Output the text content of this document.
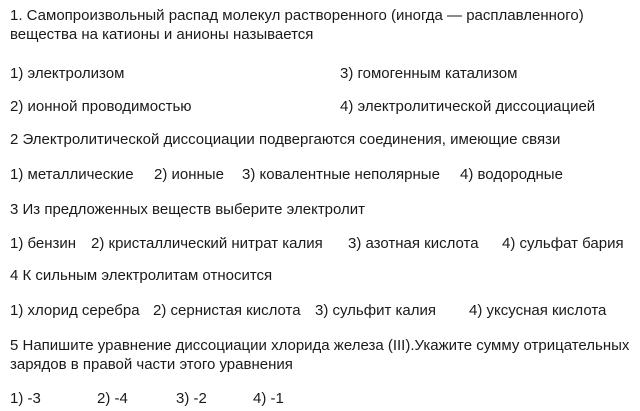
1. Самопроизвольный распад молекул растворенного (иногда — расплавленного)
вещества на катионы и анионы называется
1) электролизом	3) гомогенным катализом
2) ионной проводимостью	4) электролитической диссоциацией
2 Электролитической диссоциации подвергаются соединения, имеющие связи
1) металлические 2) ионные 3) ковалентные неполярные 4) водородные
3 Из предложенных веществ выберите электролит
1) бензин 2) кристаллический нитрат калия 3) азотная кислота 4) сульфат бария
4 К сильным электролитам относится
1) хлорид серебра 2) сернистая кислота 3) сульфит калия 4) уксусная кислота
5 Напишите уравнение диссоциации хлорида железа (III).Укажите сумму отрицательных
зарядов в правой части этого уравнения
1) -3	2) -4	3) -2	4) -1
